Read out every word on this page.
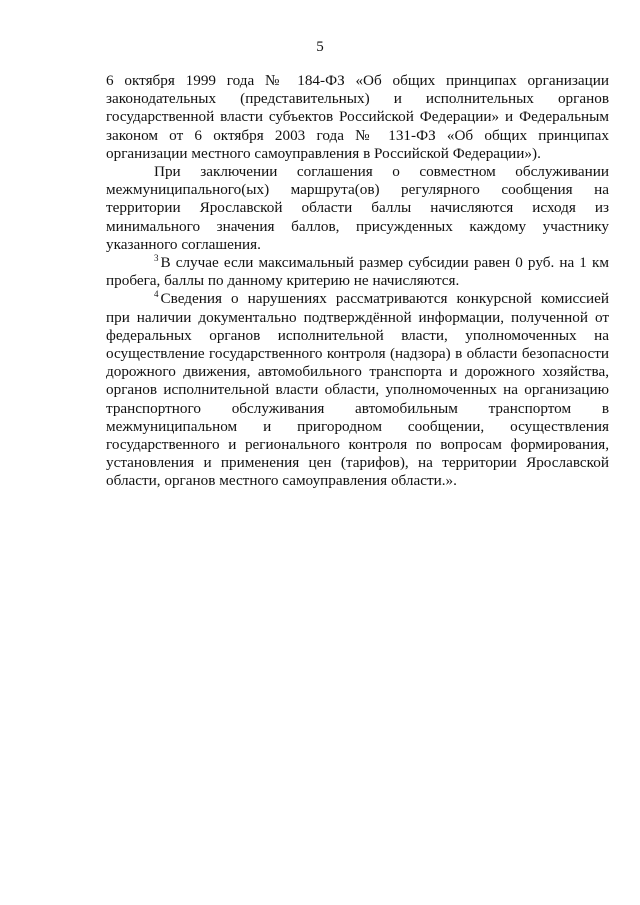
5

6 октября 1999 года № 184-ФЗ «Об общих принципах организации законодательных (представительных) и исполнительных органов государственной власти субъектов Российской Федерации» и Федеральным законом от 6 октября 2003 года № 131-ФЗ «Об общих принципах организации местного самоуправления в Российской Федерации»).

При заключении соглашения о совместном обслуживании межмуниципального(ых) маршрута(ов) регулярного сообщения на территории Ярославской области баллы начисляются исходя из минимального значения баллов, присужденных каждому участнику указанного соглашения.

$^3$ В случае если максимальный размер субсидии равен 0 руб. на 1 км пробега, баллы по данному критерию не начисляются.

$^4$ Сведения о нарушениях рассматриваются конкурсной комиссией при наличии документально подтверждённой информации, полученной от федеральных органов исполнительной власти, уполномоченных на осуществление государственного контроля (надзора) в области безопасности дорожного движения, автомобильного транспорта и дорожного хозяйства, органов исполнительной власти области, уполномоченных на организацию транспортного обслуживания автомобильным транспортом в межмуниципальном и пригородном сообщении, осуществления государственного и регионального контроля по вопросам формирования, установления и применения цен (тарифов), на территории Ярославской области, органов местного самоуправления области.».
